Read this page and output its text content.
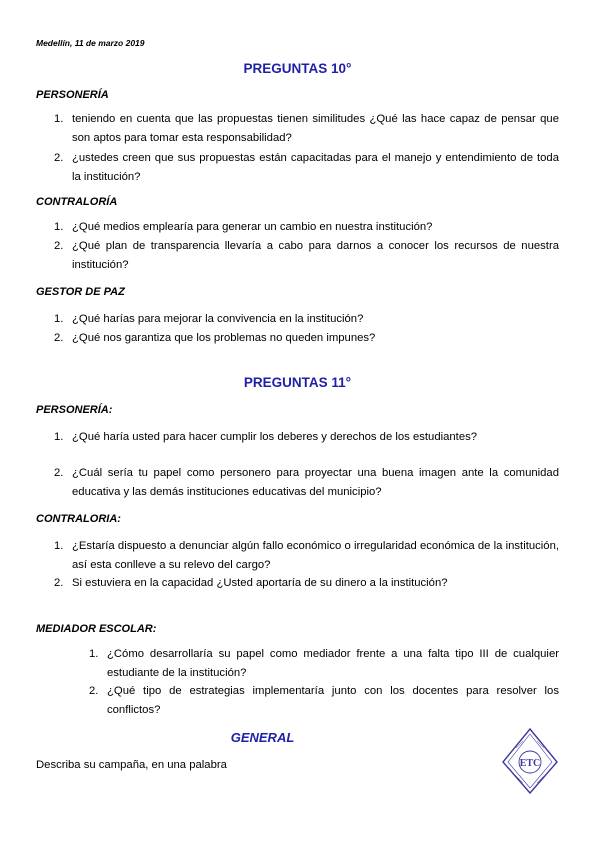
Medellín, 11 de marzo 2019
PREGUNTAS 10°
PERSONERÍA
1. teniendo en cuenta que las propuestas tienen similitudes ¿Qué las hace capaz de pensar que son aptos para tomar esta responsabilidad?
2. ¿ustedes creen que sus propuestas están capacitadas para el manejo y entendimiento de toda la institución?
CONTRALORÍA
1. ¿Qué medios emplearía para generar un cambio en nuestra institución?
2. ¿Qué plan de transparencia llevaría a cabo para darnos a conocer los recursos de nuestra institución?
GESTOR DE PAZ
1. ¿Qué harías para mejorar la convivencia en la institución?
2. ¿Qué nos garantiza que los problemas no queden impunes?
PREGUNTAS 11°
PERSONERÍA:
1. ¿Qué haría usted para hacer cumplir los deberes y derechos de los estudiantes?
2. ¿Cuál sería tu papel como personero para proyectar una buena imagen ante la comunidad educativa y las demás instituciones educativas del municipio?
CONTRALORIA:
1. ¿Estaría dispuesto a denunciar algún fallo económico o irregularidad económica de la institución, así esta conlleve a su relevo del cargo?
2. Si estuviera en la capacidad ¿Usted aportaría de su dinero a la institución?
MEDIADOR ESCOLAR:
1. ¿Cómo desarrollaría su papel como mediador frente a una falta tipo III de cualquier estudiante de la institución?
2. ¿Qué tipo de estrategias implementaría junto con los docentes para resolver los conflictos?
GENERAL
Describa su campaña, en una palabra	ETC
